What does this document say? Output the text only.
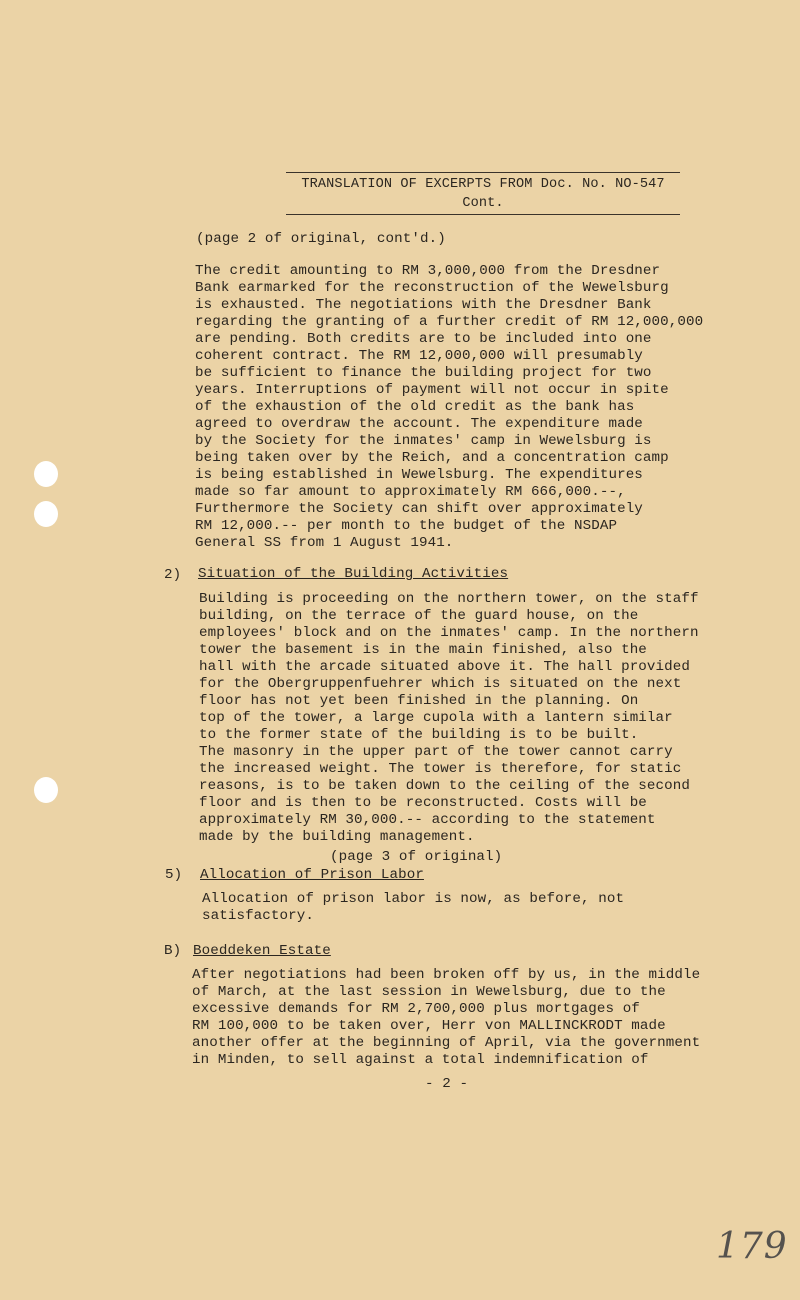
TRANSLATION OF EXCERPTS FROM Doc. No. NO-547
Cont.
(page 2 of original, cont'd.)

The credit amounting to RM 3,000,000 from the Dresdner
Bank earmarked for the reconstruction of the Wewelsburg
is exhausted. The negotiations with the Dresdner Bank
regarding the granting of a further credit of RM 12,000,000
are pending. Both credits are to be included into one
coherent contract. The RM 12,000,000 will presumably
be sufficient to finance the building project for two
years. Interruptions of payment will not occur in spite
of the exhaustion of the old credit as the bank has
agreed to overdraw the account. The expenditure made
by the Society for the inmates' camp in Wewelsburg is
being taken over by the Reich, and a concentration camp
is being established in Wewelsburg. The expenditures
made so far amount to approximately RM 666,000.--,
Furthermore the Society can shift over approximately
RM 12,000.-- per month to the budget of the NSDAP
General SS from 1 August 1941.

2) Situation of the Building Activities

Building is proceeding on the northern tower, on the staff
building, on the terrace of the guard house, on the
employees' block and on the inmates' camp. In the northern
tower the basement is in the main finished, also the
hall with the arcade situated above it. The hall provided
for the Obergruppenfuehrer which is situated on the next
floor has not yet been finished in the planning. On
top of the tower, a large cupola with a lantern similar
to the former state of the building is to be built.
The masonry in the upper part of the tower cannot carry
the increased weight. The tower is therefore, for static
reasons, is to be taken down to the ceiling of the second
floor and is then to be reconstructed. Costs will be
approximately RM 30,000.-- according to the statement
made by the building management.

(page 3 of original)
5) Allocation of Prison Labor

Allocation of prison labor is now, as before, not
satisfactory.

B) Boeddeken Estate

After negotiations had been broken off by us, in the middle
of March, at the last session in Wewelsburg, due to the
excessive demands for RM 2,700,000 plus mortgages of
RM 100,000 to be taken over, Herr von MALLINCKRODT made
another offer at the beginning of April, via the government
in Minden, to sell against a total indemnification of

- 2 -
179
